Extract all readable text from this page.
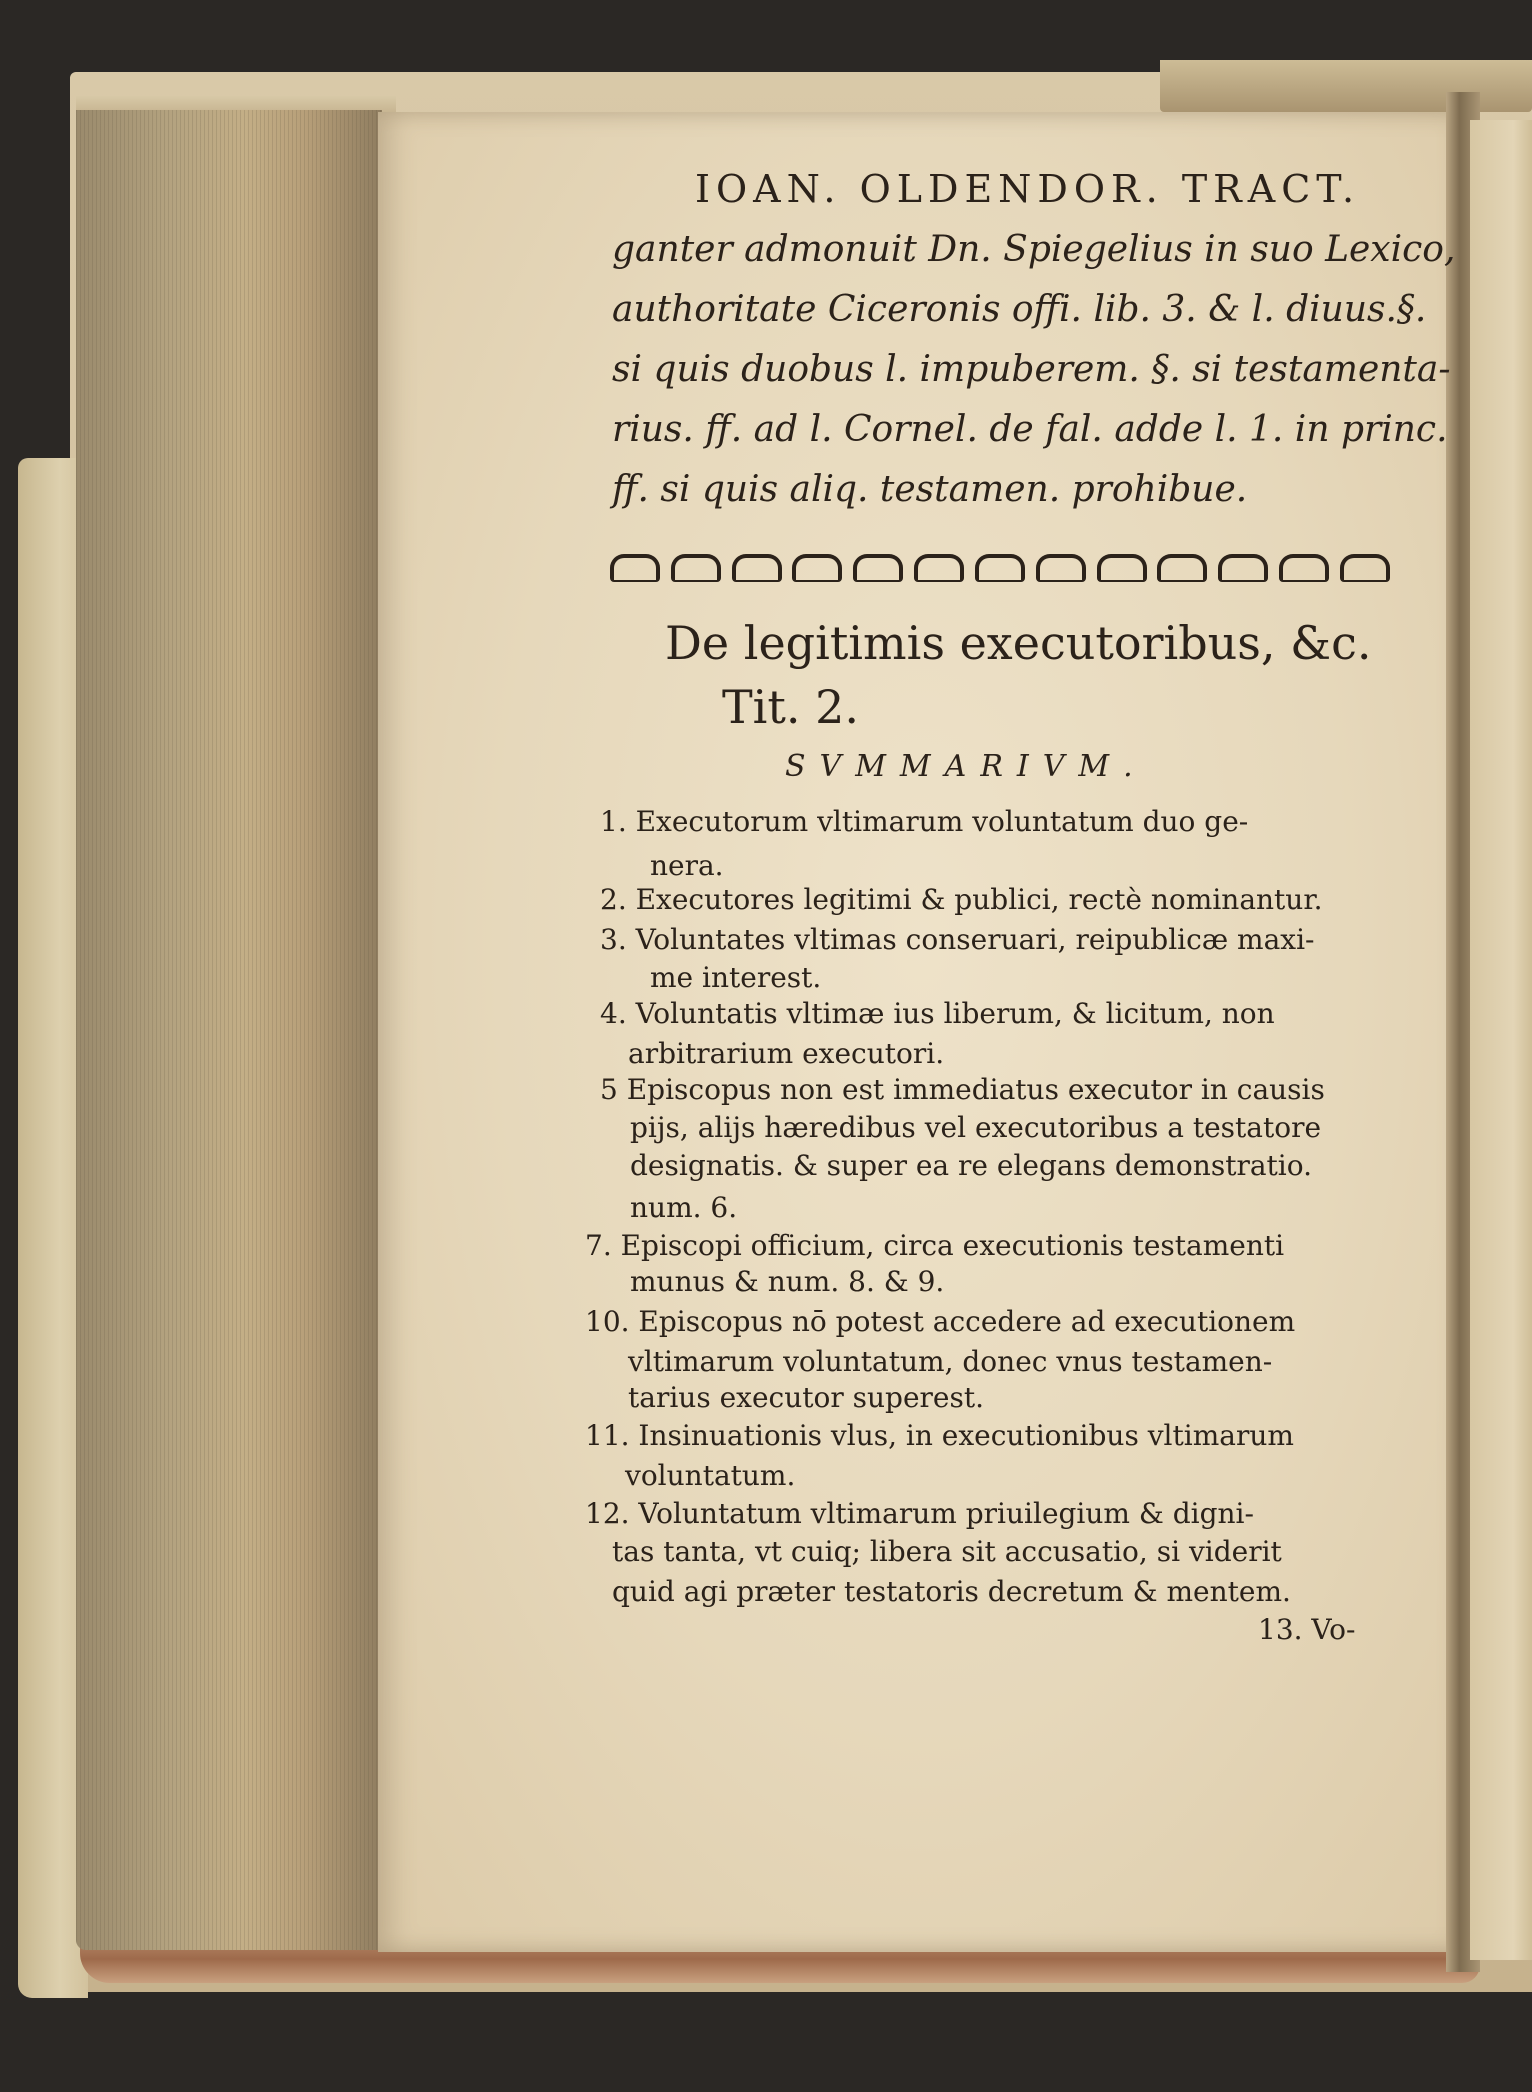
IOAN. OLDENDOR. TRACT.
ganter admonuit Dn. Spiegelius in suo Lexico,
authoritate Ciceronis offi. lib. 3. & l. diuus.§.
si quis duobus l. impuberem. §. si testamenta-
rius. ff. ad l. Cornel. de fal. adde l. 1. in princ.
ff. si quis aliq. testamen. prohibue.
De legitimis executoribus, &c.
Tit. 2.
SVMMARIVM.
1. Executorum vltimarum voluntatum duo ge-
nera.
2. Executores legitimi & publici, rectè nominantur.
3. Voluntates vltimas conseruari, reipublicæ maxi-
me interest.
4. Voluntatis vltimæ ius liberum, & licitum, non
arbitrarium executori.
5 Episcopus non est immediatus executor in causis
pijs, alijs hæredibus vel executoribus a testatore
designatis. & super ea re elegans demonstratio.
num. 6.
7. Episcopi officium, circa executionis testamenti
munus & num. 8. & 9.
10. Episcopus nō potest accedere ad executionem
vltimarum voluntatum, donec vnus testamen-
tarius executor superest.
11. Insinuationis vlus, in executionibus vltimarum
voluntatum.
12. Voluntatum vltimarum priuilegium & digni-
tas tanta, vt cuiq; libera sit accusatio, si viderit
quid agi præter testatoris decretum & mentem.
13. Vo-
